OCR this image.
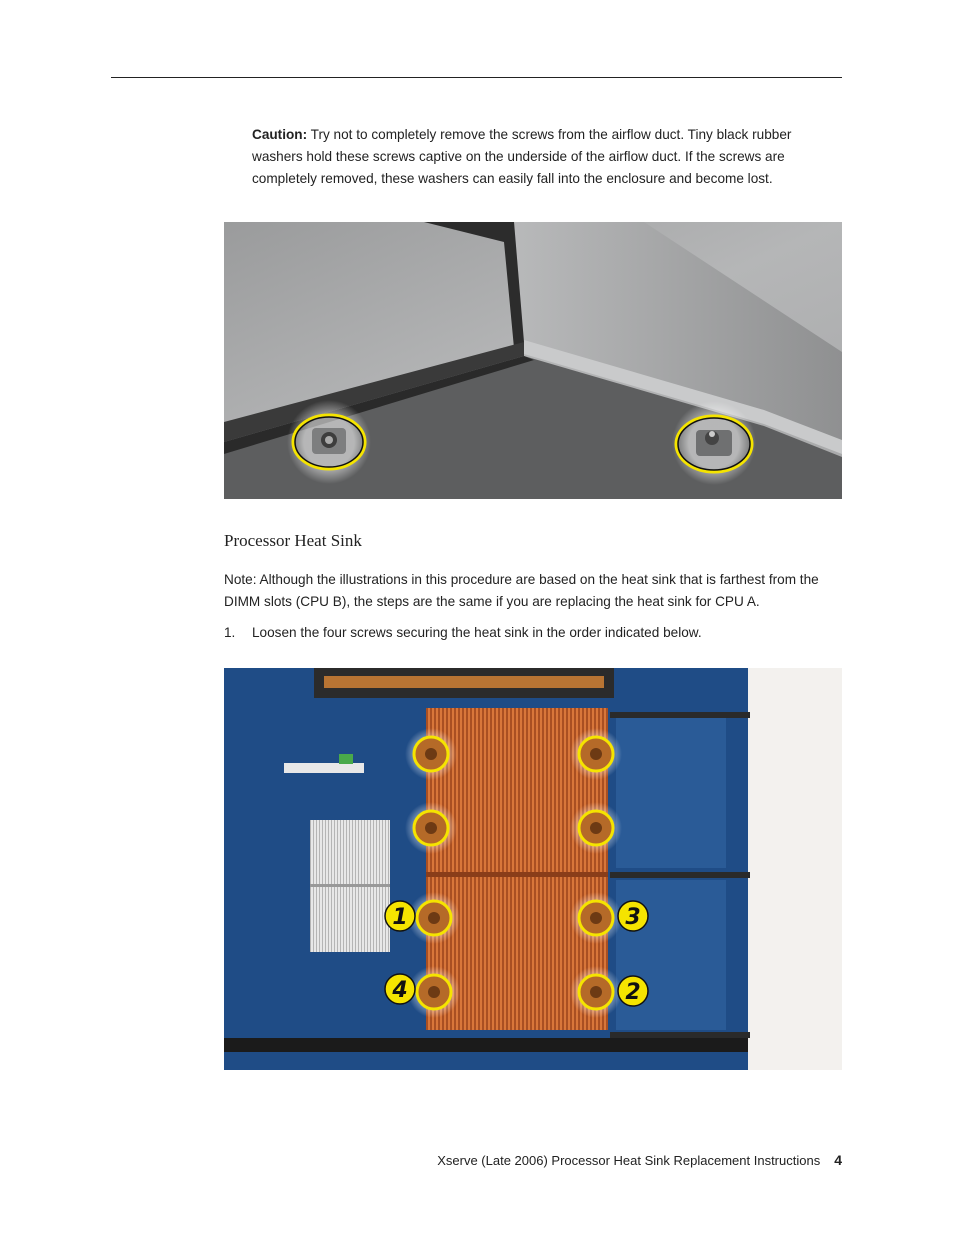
Caution: Try not to completely remove the screws from the airflow duct. Tiny black rubber washers hold these screws captive on the underside of the airflow duct. If the screws are completely removed, these washers can easily fall into the enclosure and become lost.
Processor Heat Sink
Note: Although the illustrations in this procedure are based on the heat sink that is farthest from the DIMM slots (CPU B), the steps are the same if you are replacing the heat sink for CPU A.
1. Loosen the four screws securing the heat sink in the order indicated below.
1	3
4	2
Xserve (Late 2006) Processor Heat Sink Replacement Instructions 4
